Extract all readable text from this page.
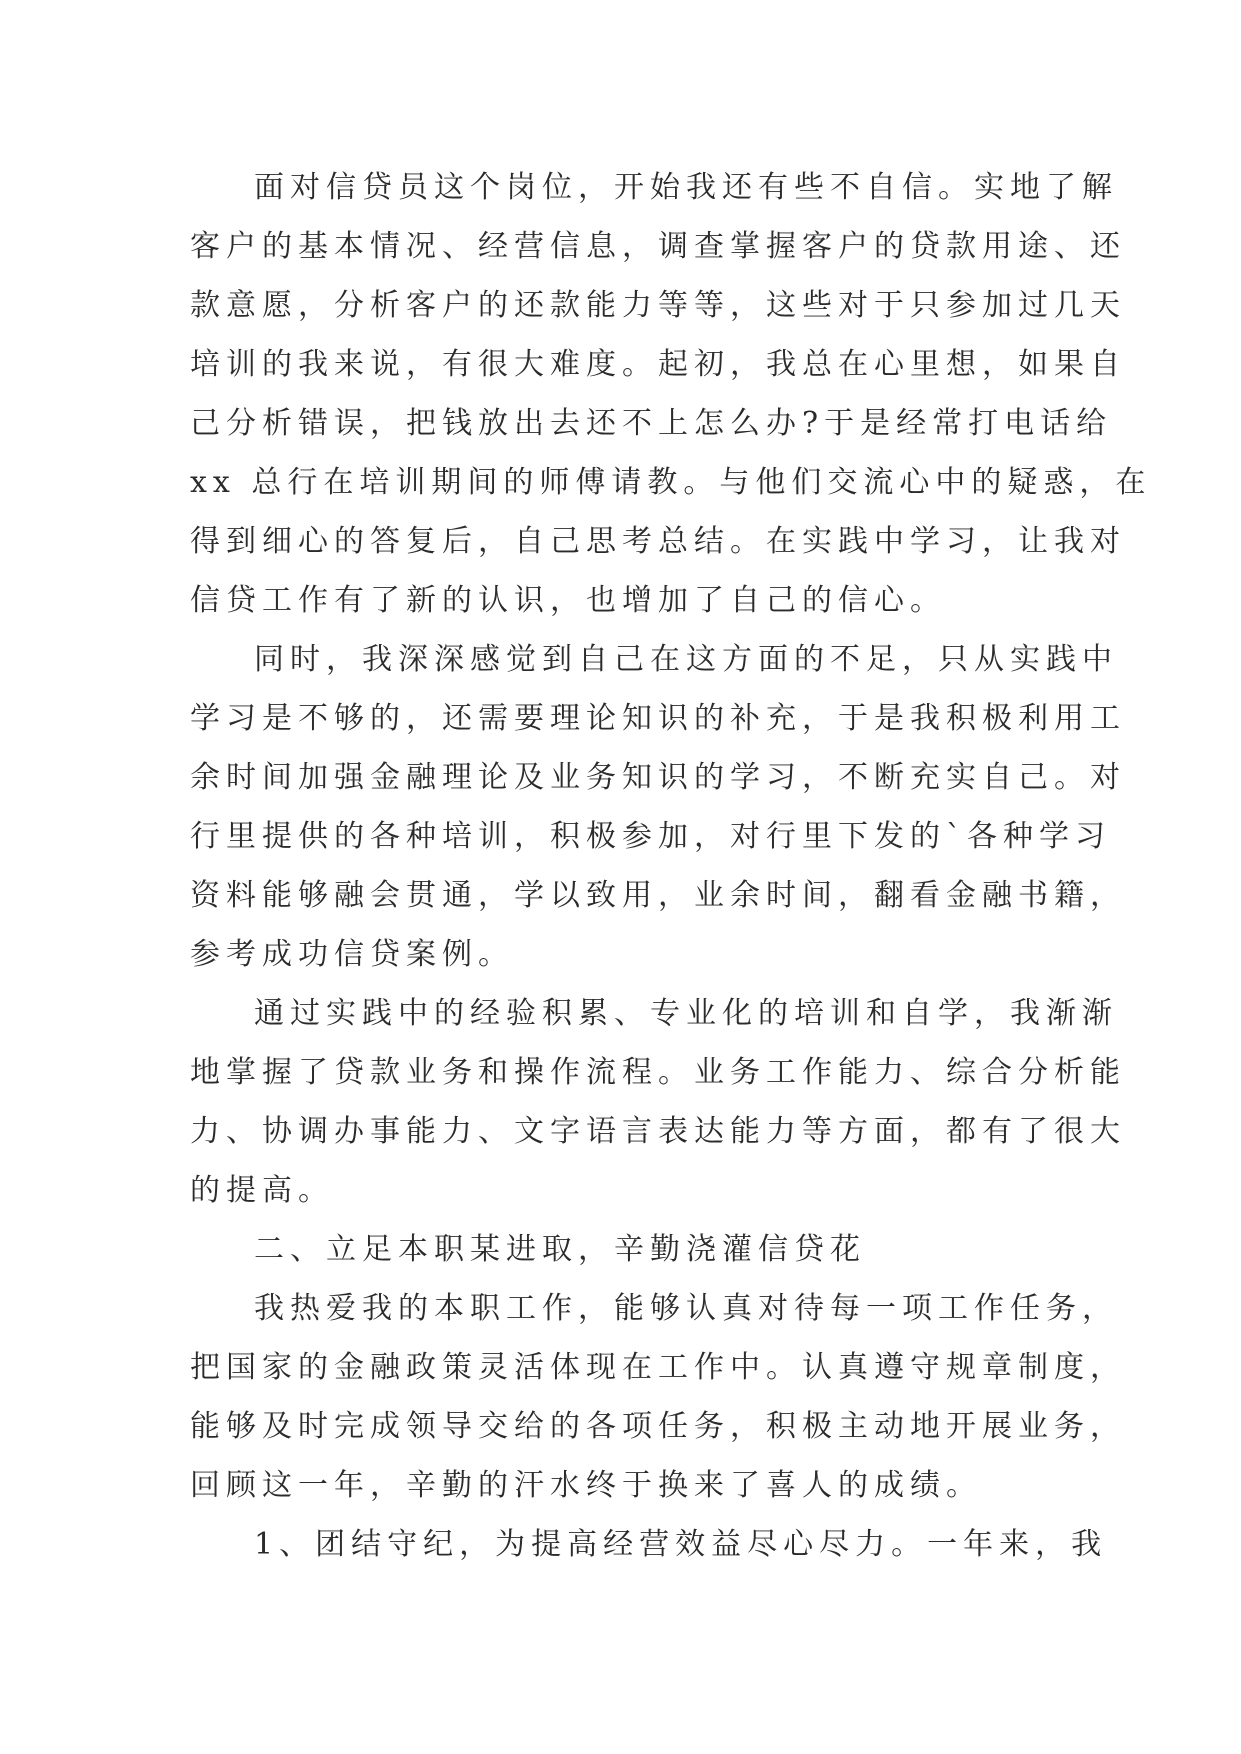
面对信贷员这个岗位，开始我还有些不自信。实地了解

客户的基本情况、经营信息，调查掌握客户的贷款用途、还

款意愿，分析客户的还款能力等等，这些对于只参加过几天

培训的我来说，有很大难度。起初，我总在心里想，如果自

己分析错误，把钱放出去还不上怎么办?于是经常打电话给

xx 总行在培训期间的师傅请教。与他们交流心中的疑惑，在

得到细心的答复后，自己思考总结。在实践中学习，让我对

信贷工作有了新的认识，也增加了自己的信心。

同时，我深深感觉到自己在这方面的不足，只从实践中

学习是不够的，还需要理论知识的补充，于是我积极利用工

余时间加强金融理论及业务知识的学习，不断充实自己。对

行里提供的各种培训，积极参加，对行里下发的`各种学习

资料能够融会贯通，学以致用，业余时间，翻看金融书籍，

参考成功信贷案例。

通过实践中的经验积累、专业化的培训和自学，我渐渐

地掌握了贷款业务和操作流程。业务工作能力、综合分析能

力、协调办事能力、文字语言表达能力等方面，都有了很大

的提高。

二、立足本职某进取，辛勤浇灌信贷花

我热爱我的本职工作，能够认真对待每一项工作任务，

把国家的金融政策灵活体现在工作中。认真遵守规章制度，

能够及时完成领导交给的各项任务，积极主动地开展业务，

回顾这一年，辛勤的汗水终于换来了喜人的成绩。

1、团结守纪，为提高经营效益尽心尽力。一年来，我
